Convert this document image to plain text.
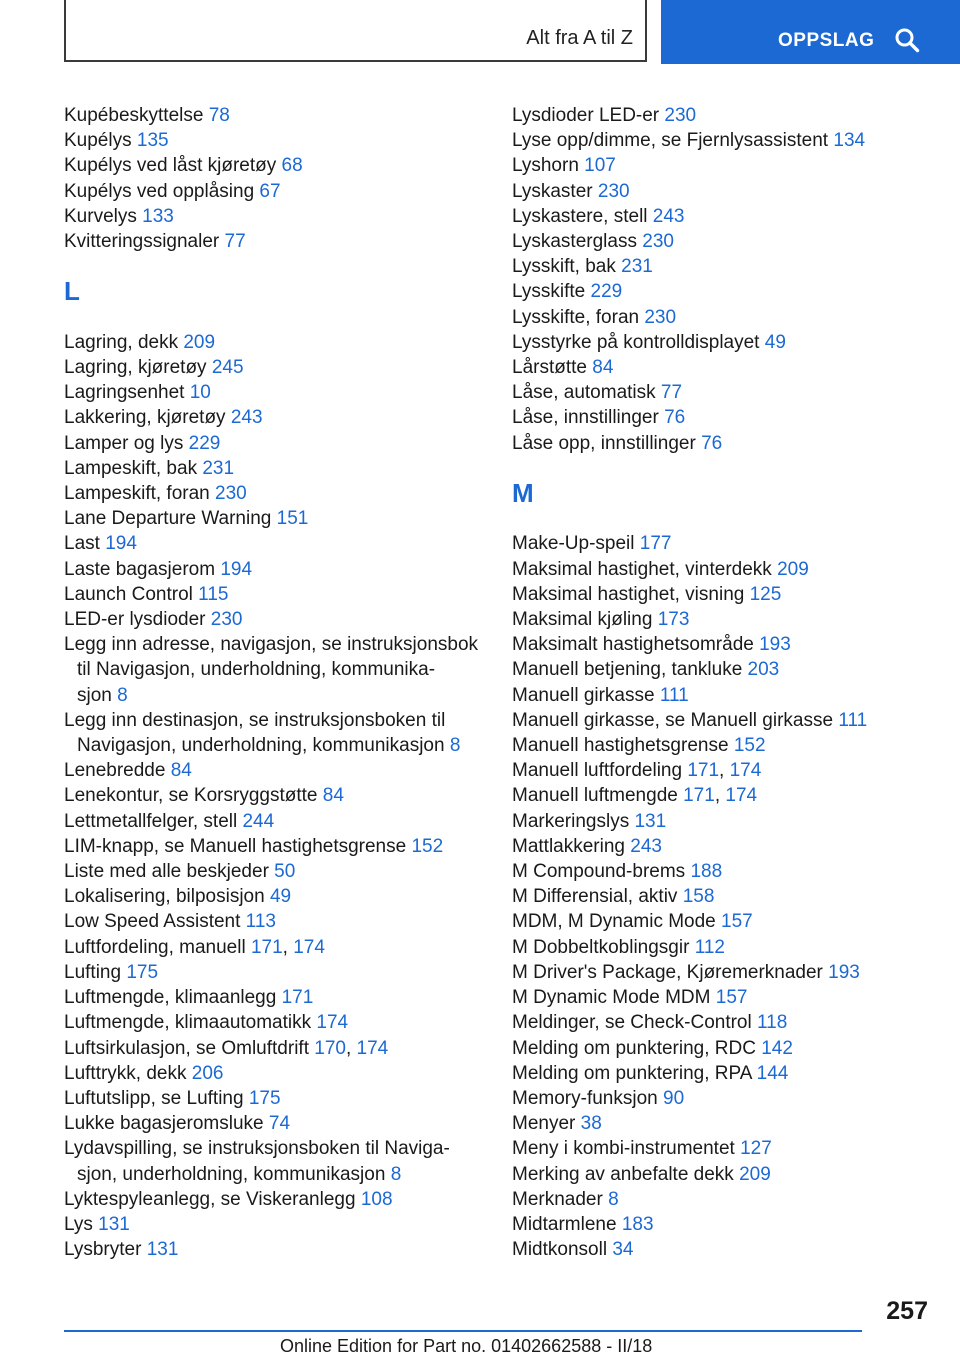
Alt fra A til Z	OPPSLAG
Kupébeskyttelse 78
Kupélys 135
Kupélys ved låst kjøretøy 68
Kupélys ved opplåsing 67
Kurvelys 133
Kvitteringssignaler 77
L
Lagring, dekk 209
Lagring, kjøretøy 245
Lagringsenhet 10
Lakkering, kjøretøy 243
Lamper og lys 229
Lampeskift, bak 231
Lampeskift, foran 230
Lane Departure Warning 151
Last 194
Laste bagasjerom 194
Launch Control 115
LED-er lysdioder 230
Legg inn adresse, navigasjon, se instruksjonsbok
til Navigasjon, underholdning, kommunika-
sjon 8
Legg inn destinasjon, se instruksjonsboken til
Navigasjon, underholdning, kommunikasjon 8
Lenebredde 84
Lenekontur, se Korsryggstøtte 84
Lettmetallfelger, stell 244
LIM-knapp, se Manuell hastighetsgrense 152
Liste med alle beskjeder 50
Lokalisering, bilposisjon 49
Low Speed Assistent 113
Luftfordeling, manuell 171, 174
Lufting 175
Luftmengde, klimaanlegg 171
Luftmengde, klimaautomatikk 174
Luftsirkulasjon, se Omluftdrift 170, 174
Lufttrykk, dekk 206
Luftutslipp, se Lufting 175
Lukke bagasjeromsluke 74
Lydavspilling, se instruksjonsboken til Naviga-
sjon, underholdning, kommunikasjon 8
Lyktespyleanlegg, se Viskeranlegg 108
Lys 131
Lysbryter 131
Lysdioder LED-er 230
Lyse opp/dimme, se Fjernlysassistent 134
Lyshorn 107
Lyskaster 230
Lyskastere, stell 243
Lyskasterglass 230
Lysskift, bak 231
Lysskifte 229
Lysskifte, foran 230
Lysstyrke på kontrolldisplayet 49
Lårstøtte 84
Låse, automatisk 77
Låse, innstillinger 76
Låse opp, innstillinger 76
M
Make-Up-speil 177
Maksimal hastighet, vinterdekk 209
Maksimal hastighet, visning 125
Maksimal kjøling 173
Maksimalt hastighetsområde 193
Manuell betjening, tankluke 203
Manuell girkasse 111
Manuell girkasse, se Manuell girkasse 111
Manuell hastighetsgrense 152
Manuell luftfordeling 171, 174
Manuell luftmengde 171, 174
Markeringslys 131
Mattlakkering 243
M Compound-brems 188
M Differensial, aktiv 158
MDM, M Dynamic Mode 157
M Dobbeltkoblingsgir 112
M Driver's Package, Kjøremerknader 193
M Dynamic Mode MDM 157
Meldinger, se Check-Control 118
Melding om punktering, RDC 142
Melding om punktering, RPA 144
Memory-funksjon 90
Menyer 38
Meny i kombi-instrumentet 127
Merking av anbefalte dekk 209
Merknader 8
Midtarmlene 183
Midtkonsoll 34
257
Online Edition for Part no. 01402662588 - II/18
